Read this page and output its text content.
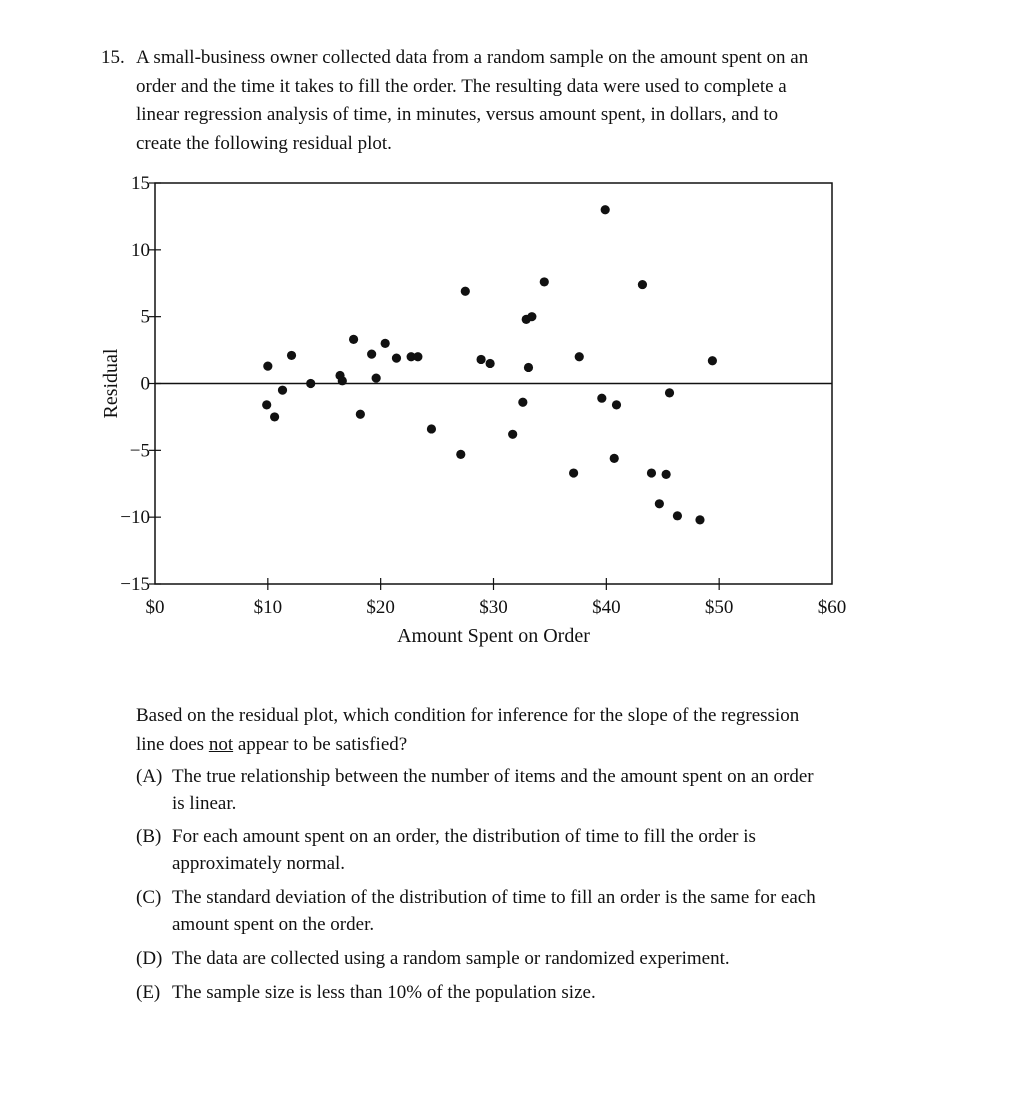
15. A small-business owner collected data from a random sample on the amount spent on an order and the time it takes to fill the order. The resulting data were used to complete a linear regression analysis of time, in minutes, versus amount spent, in dollars, and to create the following residual plot.
15
10
5
0
−5
−10
−15
$0	$10	$20	$30	$40	$50	$60
Amount Spent on Order
Residual
Based on the residual plot, which condition for inference for the slope of the regression line does not appear to be satisfied?
(A) The true relationship between the number of items and the amount spent on an order is linear.
(B) For each amount spent on an order, the distribution of time to fill the order is approximately normal.
(C) The standard deviation of the distribution of time to fill an order is the same for each amount spent on the order.
(D) The data are collected using a random sample or randomized experiment.
(E) The sample size is less than 10% of the population size.
